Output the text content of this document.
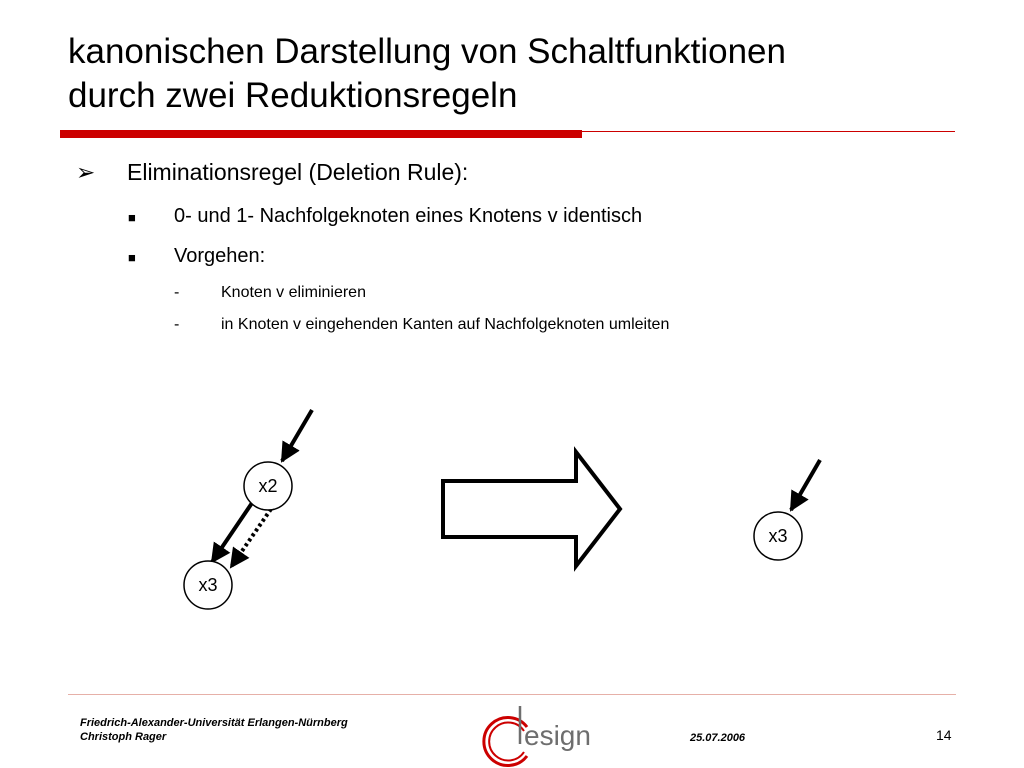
kanonischen Darstellung von Schaltfunktionen
durch zwei Reduktionsregeln
➢ Eliminationsregel (Deletion Rule):
■ 0- und 1- Nachfolgeknoten eines Knotens v identisch
■ Vorgehen:
-	Knoten v eliminieren
-	in Knoten v eingehenden Kanten auf Nachfolgeknoten umleiten
x2
x3
x3
esign
Friedrich-Alexander-Universität Erlangen-Nürnberg
Christoph Rager	25.07.2006	14
